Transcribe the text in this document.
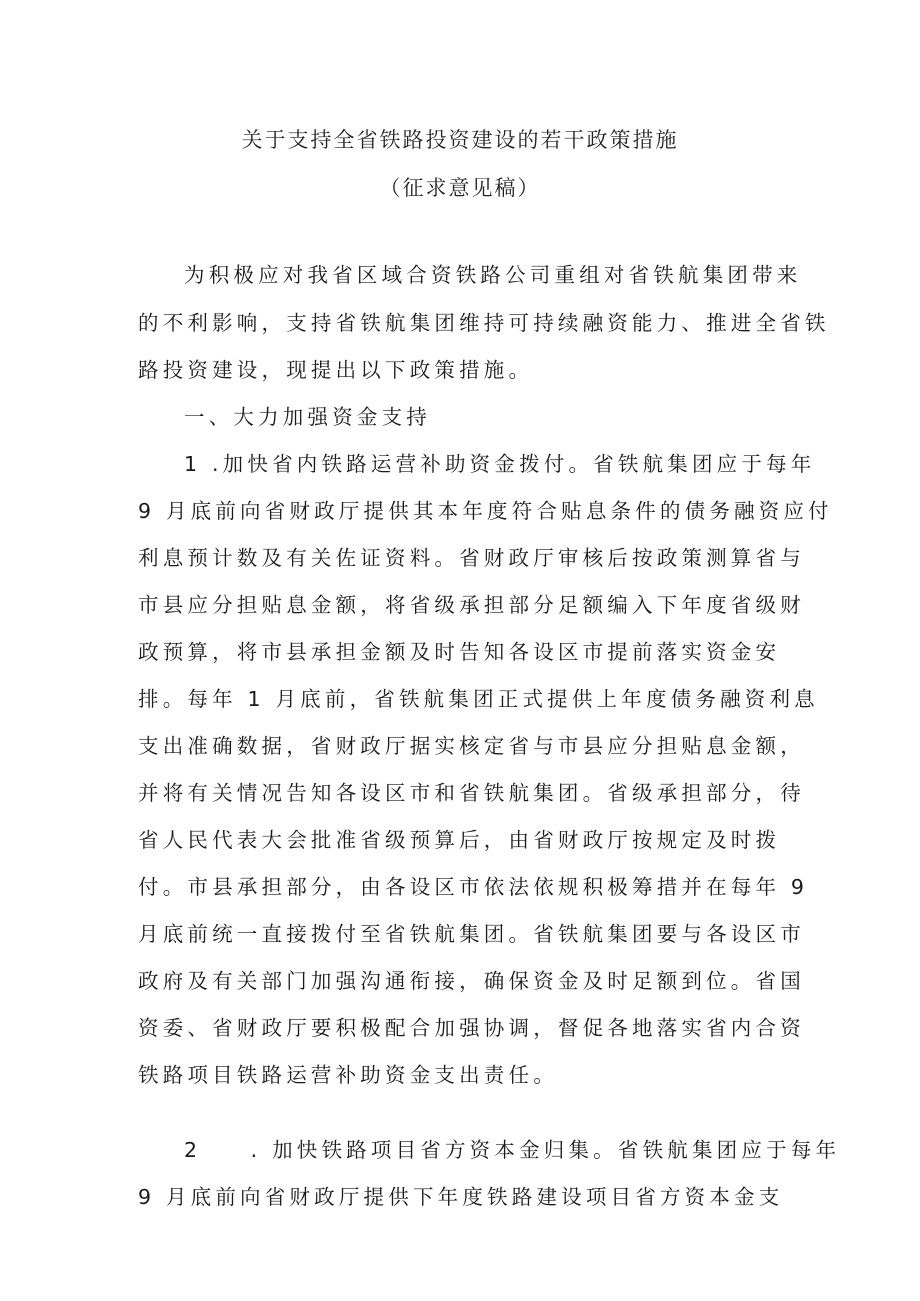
关于支持全省铁路投资建设的若干政策措施
（征求意见稿）
为积极应对我省区域合资铁路公司重组对省铁航集团带来
的不利影响，支持省铁航集团维持可持续融资能力、推进全省铁
路投资建设，现提出以下政策措施。
一、大力加强资金支持
1 .加快省内铁路运营补助资金拨付。省铁航集团应于每年
9 月底前向省财政厅提供其本年度符合贴息条件的债务融资应付
利息预计数及有关佐证资料。省财政厅审核后按政策测算省与
市县应分担贴息金额，将省级承担部分足额编入下年度省级财
政预算，将市县承担金额及时告知各设区市提前落实资金安
排。每年 1 月底前，省铁航集团正式提供上年度债务融资利息
支出准确数据，省财政厅据实核定省与市县应分担贴息金额，
并将有关情况告知各设区市和省铁航集团。省级承担部分，待
省人民代表大会批准省级预算后，由省财政厅按规定及时拨
付。市县承担部分，由各设区市依法依规积极筹措并在每年 9
月底前统一直接拨付至省铁航集团。省铁航集团要与各设区市
政府及有关部门加强沟通衔接，确保资金及时足额到位。省国
资委、省财政厅要积极配合加强协调，督促各地落实省内合资
铁路项目铁路运营补助资金支出责任。
2　　. 加快铁路项目省方资本金归集。省铁航集团应于每年
9 月底前向省财政厅提供下年度铁路建设项目省方资本金支
